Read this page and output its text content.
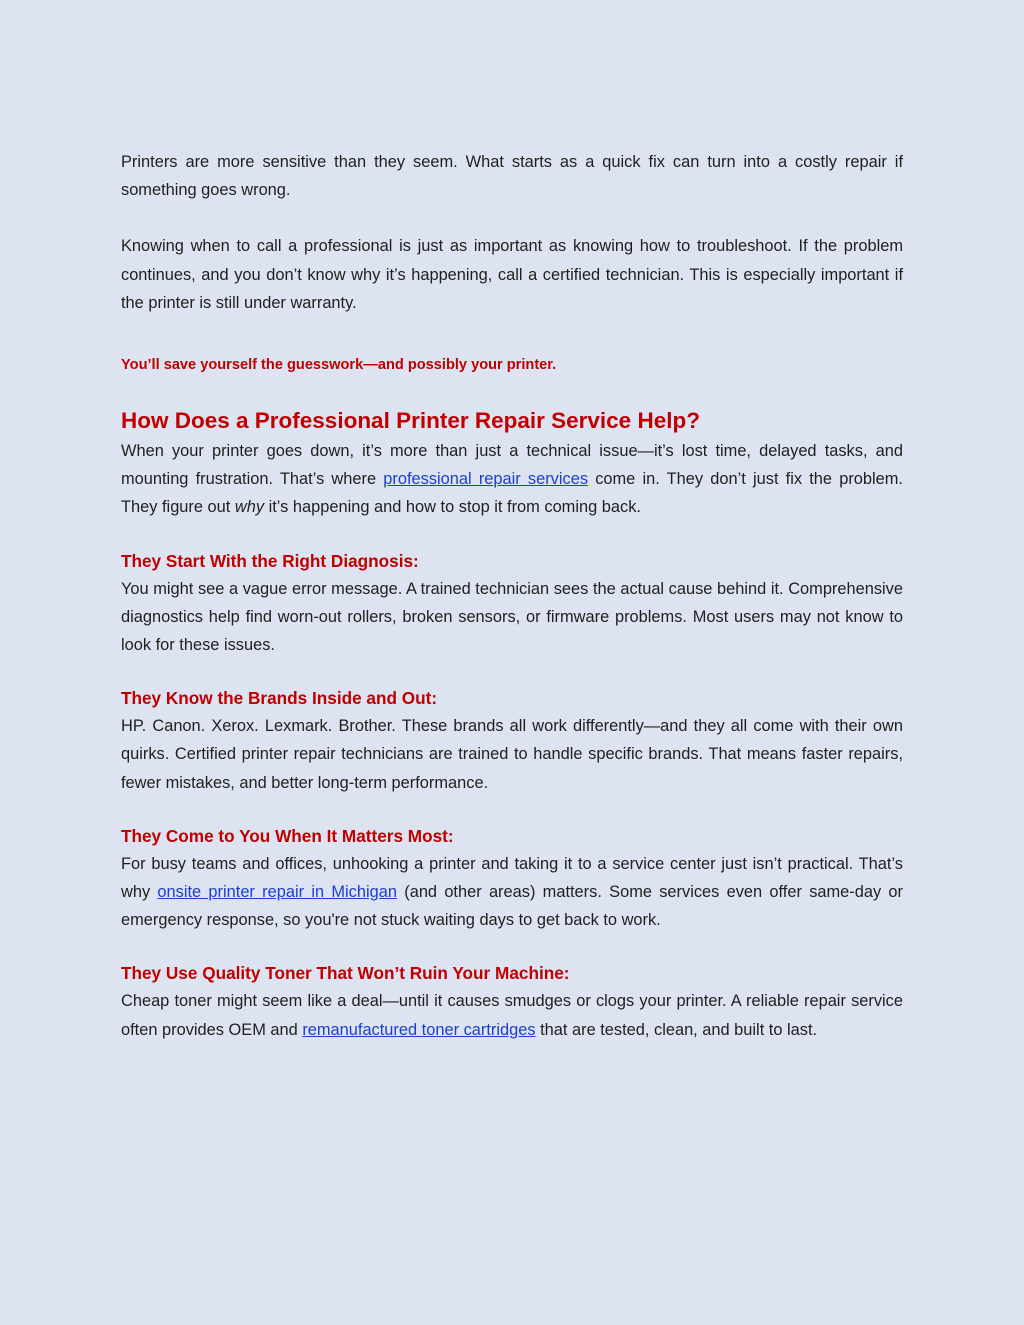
Printers are more sensitive than they seem. What starts as a quick fix can turn into a costly repair if something goes wrong.

Knowing when to call a professional is just as important as knowing how to troubleshoot. If the problem continues, and you don’t know why it’s happening, call a certified technician. This is especially important if the printer is still under warranty.

You’ll save yourself the guesswork—and possibly your printer.

How Does a Professional Printer Repair Service Help?

When your printer goes down, it’s more than just a technical issue—it’s lost time, delayed tasks, and mounting frustration. That’s where professional repair services come in. They don’t just fix the problem. They figure out why it’s happening and how to stop it from coming back.

They Start With the Right Diagnosis:

You might see a vague error message. A trained technician sees the actual cause behind it. Comprehensive diagnostics help find worn-out rollers, broken sensors, or firmware problems. Most users may not know to look for these issues.

They Know the Brands Inside and Out:

HP. Canon. Xerox. Lexmark. Brother. These brands all work differently—and they all come with their own quirks. Certified printer repair technicians are trained to handle specific brands. That means faster repairs, fewer mistakes, and better long-term performance.

They Come to You When It Matters Most:

For busy teams and offices, unhooking a printer and taking it to a service center just isn’t practical. That’s why onsite printer repair in Michigan (and other areas) matters. Some services even offer same-day or emergency response, so you're not stuck waiting days to get back to work.

They Use Quality Toner That Won’t Ruin Your Machine:

Cheap toner might seem like a deal—until it causes smudges or clogs your printer. A reliable repair service often provides OEM and remanufactured toner cartridges that are tested, clean, and built to last.
